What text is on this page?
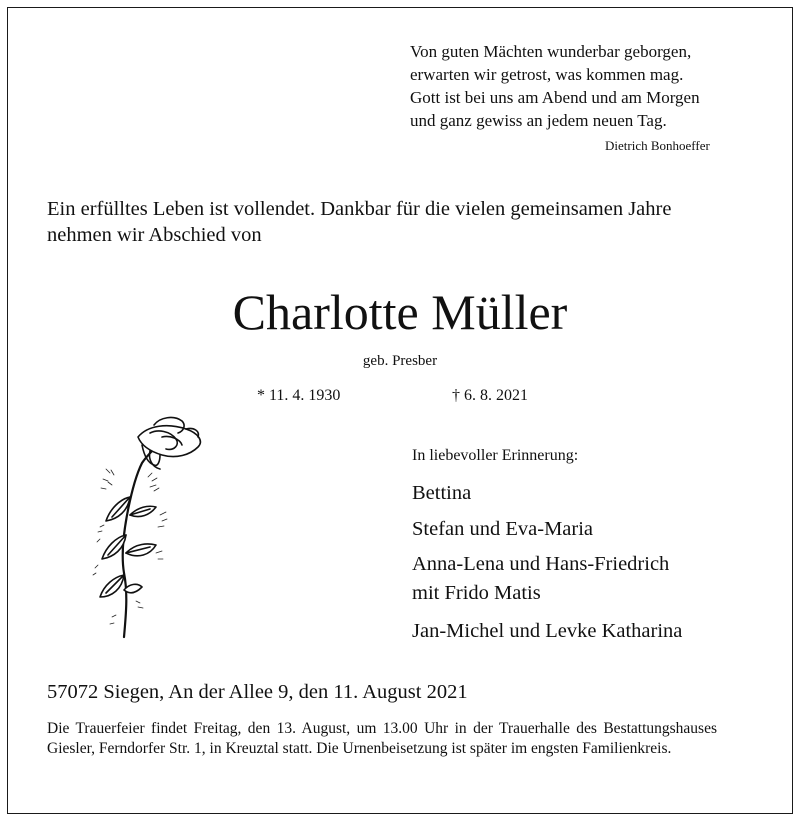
Von guten Mächten wunderbar geborgen,
erwarten wir getrost, was kommen mag.
Gott ist bei uns am Abend und am Morgen
und ganz gewiss an jedem neuen Tag.
Dietrich Bonhoeffer
Ein erfülltes Leben ist vollendet. Dankbar für die vielen gemeinsamen Jahre
nehmen wir Abschied von
Charlotte Müller
geb. Presber
* 11. 4. 1930	† 6. 8. 2021
In liebevoller Erinnerung:
Bettina
Stefan und Eva-Maria
Anna-Lena und Hans-Friedrich
mit Frido Matis
Jan-Michel und Levke Katharina
57072 Siegen, An der Allee 9, den 11. August 2021
Die Trauerfeier findet Freitag, den 13. August, um 13.00 Uhr in der Trauerhalle des Bestattungshauses Giesler, Ferndorfer Str. 1, in Kreuztal statt. Die Urnenbeisetzung ist später im engsten Familienkreis.
